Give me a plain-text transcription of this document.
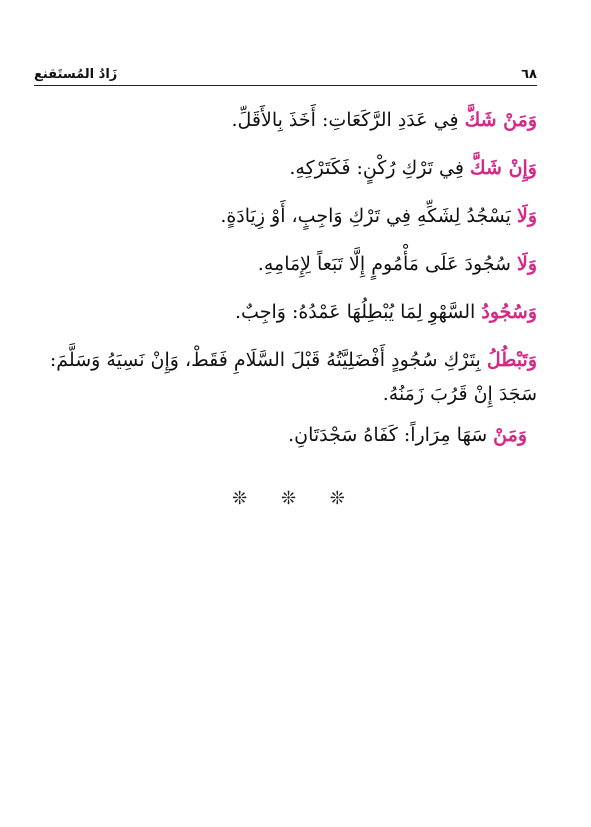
زَادُ المُستَقنع	٦٨

وَمَنْ شَكَّ فِي عَدَدِ الرَّكَعَاتِ: أَخَذَ بِالأَقَلِّ.

وَإِنْ شَكَّ فِي تَرْكِ رُكْنٍ: فَكَتَرْكِهِ.

وَلَا يَسْجُدُ لِشَكِّهِ فِي تَرْكِ وَاجِبٍ، أَوْ زِيَادَةٍ.

وَلَا سُجُودَ عَلَى مَأْمُومٍ إِلَّا تَبَعاً لِإِمَامِهِ.

وَسُجُودُ السَّهْوِ لِمَا يُبْطِلُهَا عَمْدُهُ: وَاجِبٌ.

وَتَبْطُلُ بِتَرْكِ سُجُودٍ أَفْضَلِيَّتُهُ قَبْلَ السَّلَامِ فَقَطْ، وَإِنْ نَسِيَهُ وَسَلَّمَ: سَجَدَ إِنْ قَرُبَ زَمَنُهُ.

وَمَنْ سَهَا مِرَاراً: كَفَاهُ سَجْدَتَانِ.

❊ ❊ ❊
